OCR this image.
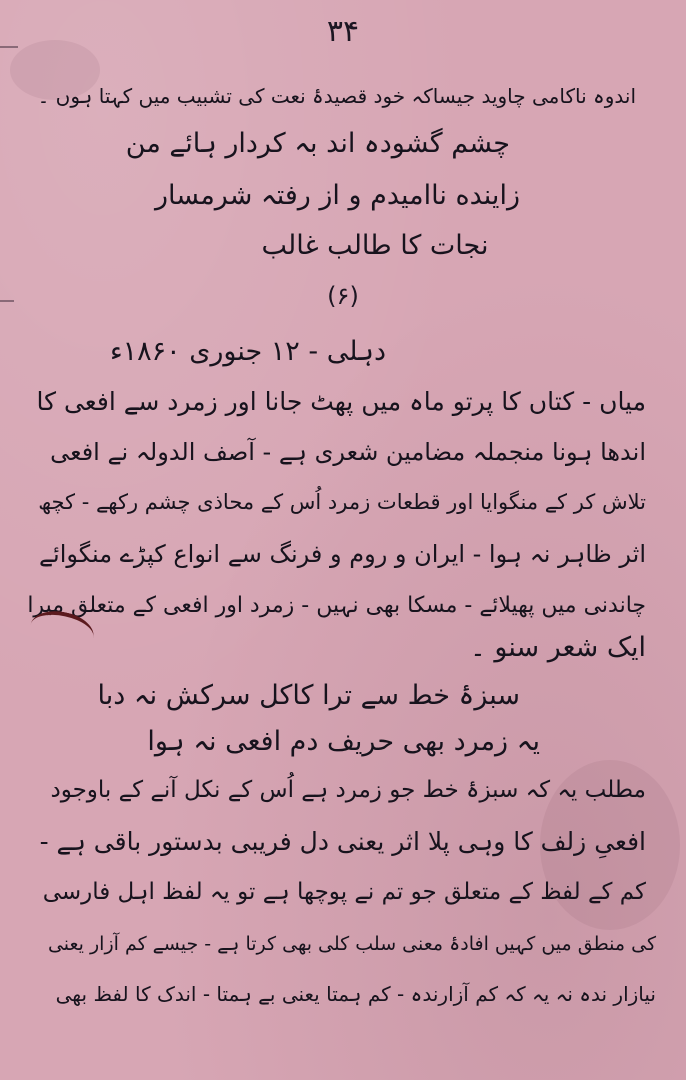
۳۴
اندوہ ناکامی چاوید جیساکہ خود قصیدۂ نعت کی تشبیب میں کہتا ہوں ۔
چشم گشودہ اند بہ کردار ہائے من
زاینده ناامیدم و از رفتہ شرمسار
نجات کا طالب غالب
(۶)
دہلی - ۱۲ جنوری ۱۸۶۰ء
میاں - کتاں کا پرتو ماہ میں پھٹ جانا اور زمرد سے افعی کا
اندھا ہونا منجملہ مضامین شعری ہے - آصف الدولہ نے افعی
تلاش کر کے منگوایا اور قطعات زمرد اُس کے محاذی چشم رکھے - کچھ
اثر ظاہر نہ ہوا - ایران و روم و فرنگ سے انواع کپڑے منگوائے
چاندنی میں پھیلائے - مسکا بھی نہیں - زمرد اور افعی کے متعلق میرا
ایک شعر سنو ۔
سبزۂ خط سے ترا کاکل سرکش نہ دبا
یہ زمرد بھی حریف دم افعی نہ ہوا
مطلب یہ کہ سبزۂ خط جو زمرد ہے اُس کے نکل آنے کے باوجود
افعیِ زلف کا وہی پلا اثر یعنی دل فریبی بدستور باقی ہے -
کم کے لفظ کے متعلق جو تم نے پوچھا ہے تو یہ لفظ اہل فارسی
کی منطق میں کہیں افادۂ معنی سلب کلی بھی کرتا ہے - جیسے کم آزار یعنی
نیازار ندہ نہ یہ کہ کم آزارندہ - کم ہمتا یعنی بے ہمتا - اندک کا لفظ بھی
